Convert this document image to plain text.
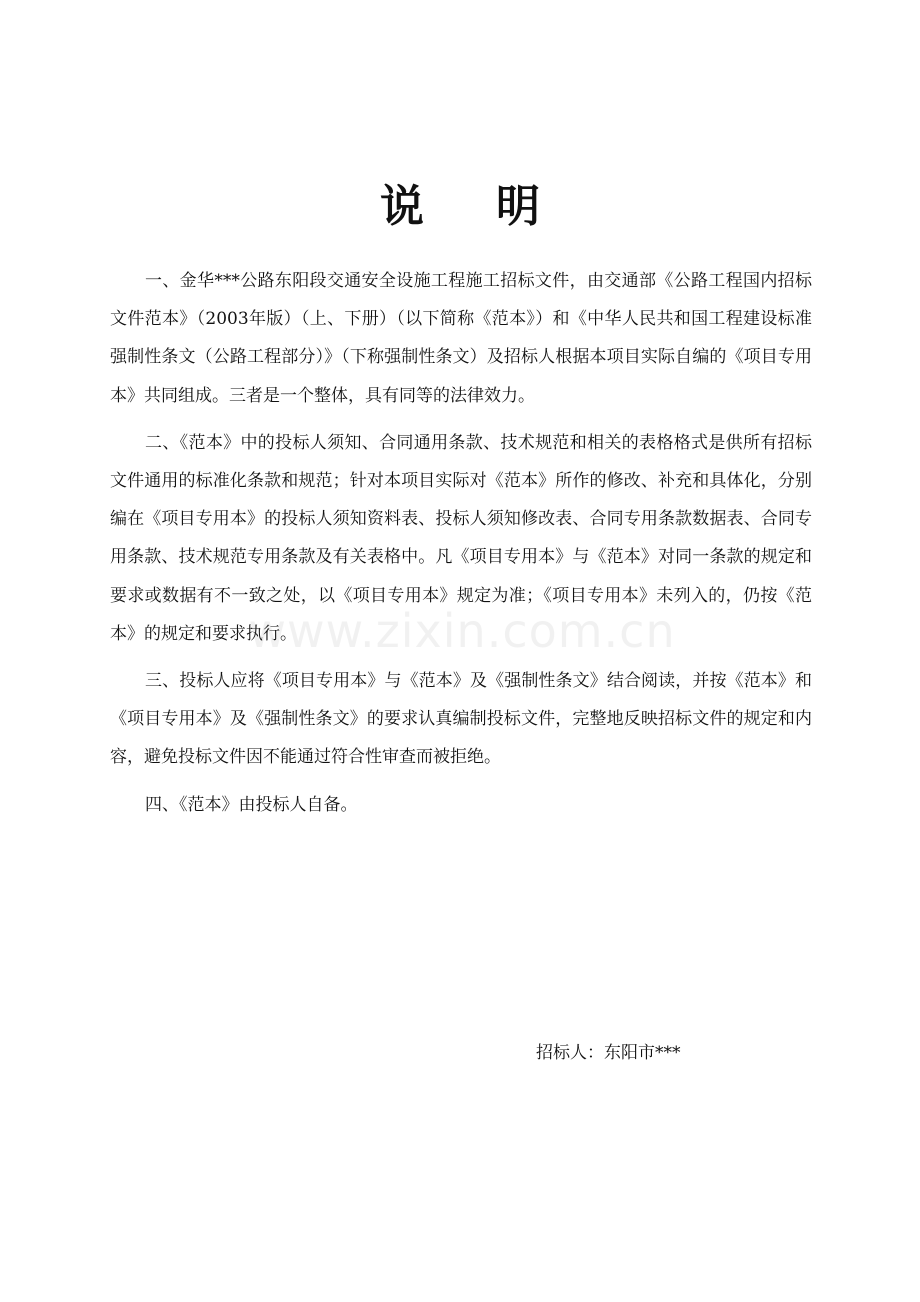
说 明

一、金华***公路东阳段交通安全设施工程施工招标文件，由交通部《公路工程国内招标文件范本》（2003年版）（上、下册）（以下简称《范本》）和《中华人民共和国工程建设标准强制性条文（公路工程部分）》（下称强制性条文）及招标人根据本项目实际自编的《项目专用本》共同组成。三者是一个整体，具有同等的法律效力。

二、《范本》中的投标人须知、合同通用条款、技术规范和相关的表格格式是供所有招标文件通用的标准化条款和规范；针对本项目实际对《范本》所作的修改、补充和具体化，分别编在《项目专用本》的投标人须知资料表、投标人须知修改表、合同专用条款数据表、合同专用条款、技术规范专用条款及有关表格中。凡《项目专用本》与《范本》对同一条款的规定和要求或数据有不一致之处，以《项目专用本》规定为准；《项目专用本》未列入的，仍按《范本》的规定和要求执行。

三、投标人应将《项目专用本》与《范本》及《强制性条文》结合阅读，并按《范本》和《项目专用本》及《强制性条文》的要求认真编制投标文件，完整地反映招标文件的规定和内容，避免投标文件因不能通过符合性审查而被拒绝。

四、《范本》由投标人自备。

www.zixin.com.cn
招标人：东阳市***
